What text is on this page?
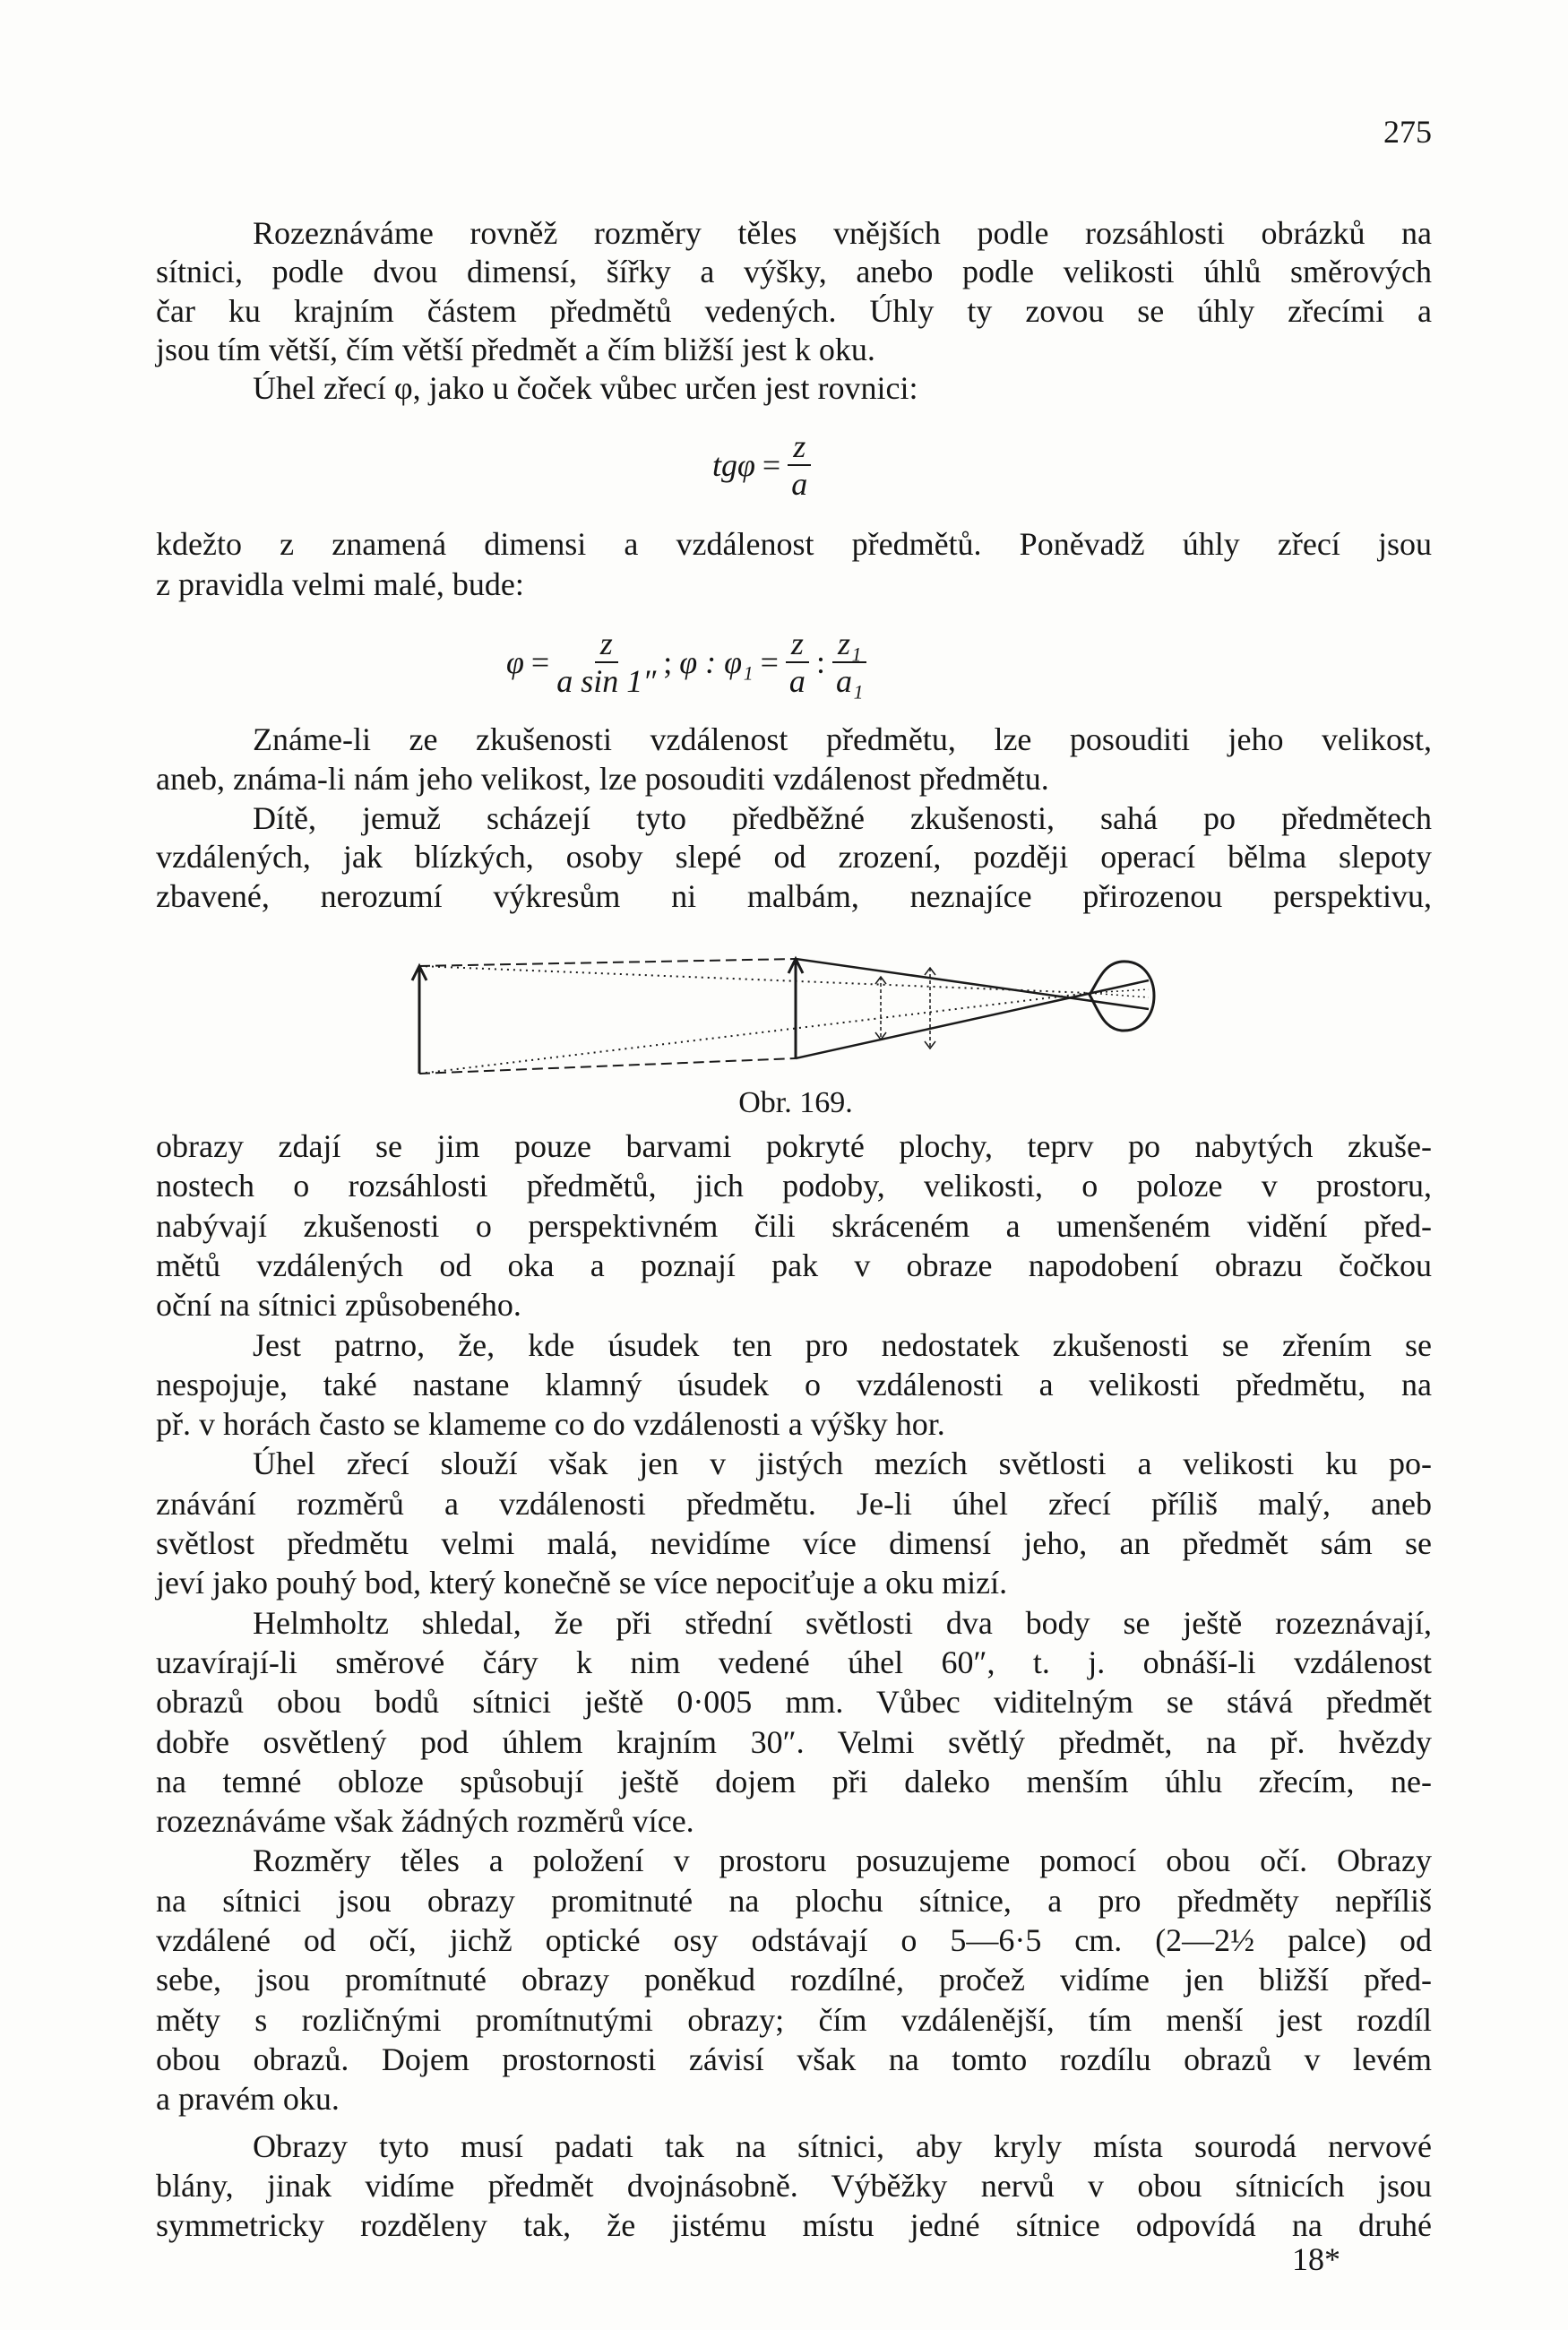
275
Rozeznáváme rovněž rozměry těles vnějších podle rozsáhlosti obrázků na
sítnici, podle dvou dimensí, šířky a výšky, anebo podle velikosti úhlů směrových
čar ku krajním částem předmětů vedených. Úhly ty zovou se úhly zřecími a
jsou tím větší, čím větší předmět a čím bližší jest k oku.
Úhel zřecí φ, jako u čoček vůbec určen jest rovnici:
kdežto z znamená dimensi a vzdálenost předmětů. Poněvadž úhly zřecí jsou
z pravidla velmi malé, bude:
Známe-li ze zkušenosti vzdálenost předmětu, lze posouditi jeho velikost,
aneb, známa-li nám jeho velikost, lze posouditi vzdálenost předmětu.
Dítě, jemuž scházejí tyto předběžné zkušenosti, sahá po předmětech
vzdálených, jak blízkých, osoby slepé od zrození, později operací bělma slepoty
zbavené, nerozumí výkresům ni malbám, neznajíce přirozenou perspektivu,
obrazy zdají se jim pouze barvami pokryté plochy, teprv po nabytých zkuše-
nostech o rozsáhlosti předmětů, jich podoby, velikosti, o poloze v prostoru,
nabývají zkušenosti o perspektivném čili skráceném a umenšeném vidění před-
mětů vzdálených od oka a poznají pak v obraze napodobení obrazu čočkou
oční na sítnici způsobeného.
Jest patrno, že, kde úsudek ten pro nedostatek zkušenosti se zřením se
nespojuje, také nastane klamný úsudek o vzdálenosti a velikosti předmětu, na
př. v horách často se klameme co do vzdálenosti a výšky hor.
Úhel zřecí slouží však jen v jistých mezích světlosti a velikosti ku po-
znávání rozměrů a vzdálenosti předmětu. Je-li úhel zřecí příliš malý, aneb
světlost předmětu velmi malá, nevidíme více dimensí jeho, an předmět sám se
jeví jako pouhý bod, který konečně se více nepociťuje a oku mizí.
Helmholtz shledal, že při střední světlosti dva body se ještě rozeznávají,
uzavírají-li směrové čáry k nim vedené úhel 60″, t. j. obnáší-li vzdálenost
obrazů obou bodů sítnici ještě 0·005 mm. Vůbec viditelným se stává předmět
dobře osvětlený pod úhlem krajním 30″. Velmi světlý předmět, na př. hvězdy
na temné obloze spůsobují ještě dojem při daleko menším úhlu zřecím, ne-
rozeznáváme však žádných rozměrů více.
Rozměry těles a položení v prostoru posuzujeme pomocí obou očí. Obrazy
na sítnici jsou obrazy promitnuté na plochu sítnice, a pro předměty nepříliš
vzdálené od očí, jichž optické osy odstávají o 5—6·5 cm. (2—2½ palce) od
sebe, jsou promítnuté obrazy poněkud rozdílné, pročež vidíme jen bližší před-
měty s rozličnými promítnutými obrazy; čím vzdálenější, tím menší jest rozdíl
obou obrazů. Dojem prostornosti závisí však na tomto rozdílu obrazů v levém
a pravém oku.
Obrazy tyto musí padati tak na sítnici, aby kryly místa sourodá nervové
blány, jinak vidíme předmět dvojnásobně. Výběžky nervů v obou sítnicích jsou
symmetricky rozděleny tak, že jistému místu jedné sítnice odpovídá na druhé
$tg\varphi = \frac{z}{a}$
$\varphi = \frac{z}{\text{a sin 1″}}$ ; φ : $\varphi_1 = \frac{z}{a}$ : $\frac{\text{z₁}}{\text{a₁}}$
Obr. 169.
18*
